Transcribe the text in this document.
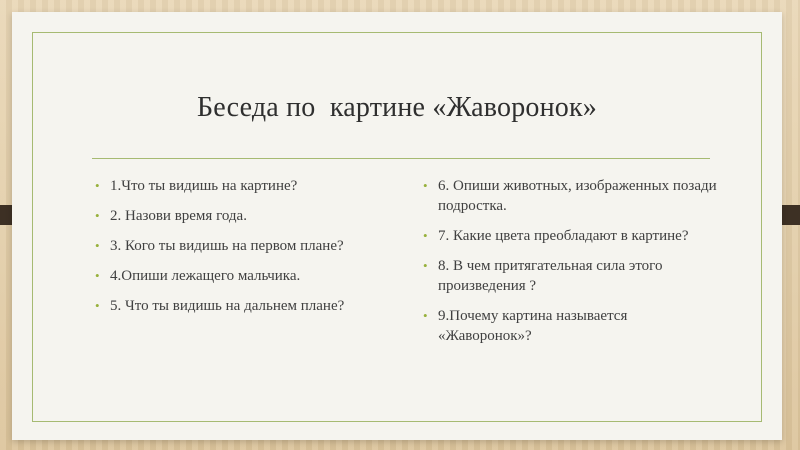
Беседа по  картине «Жаворонок»
• 1.Что ты видишь на картине?
• 2. Назови время года.
• 3. Кого ты видишь на первом плане?
• 4.Опиши лежащего мальчика.
• 5. Что ты видишь на дальнем плане?
• 6. Опиши животных, изображенных позади подростка.
• 7. Какие цвета преобладают в картине?
• 8. В чем притягательная сила этого произведения ?
• 9.Почему картина называется «Жаворонок»?
